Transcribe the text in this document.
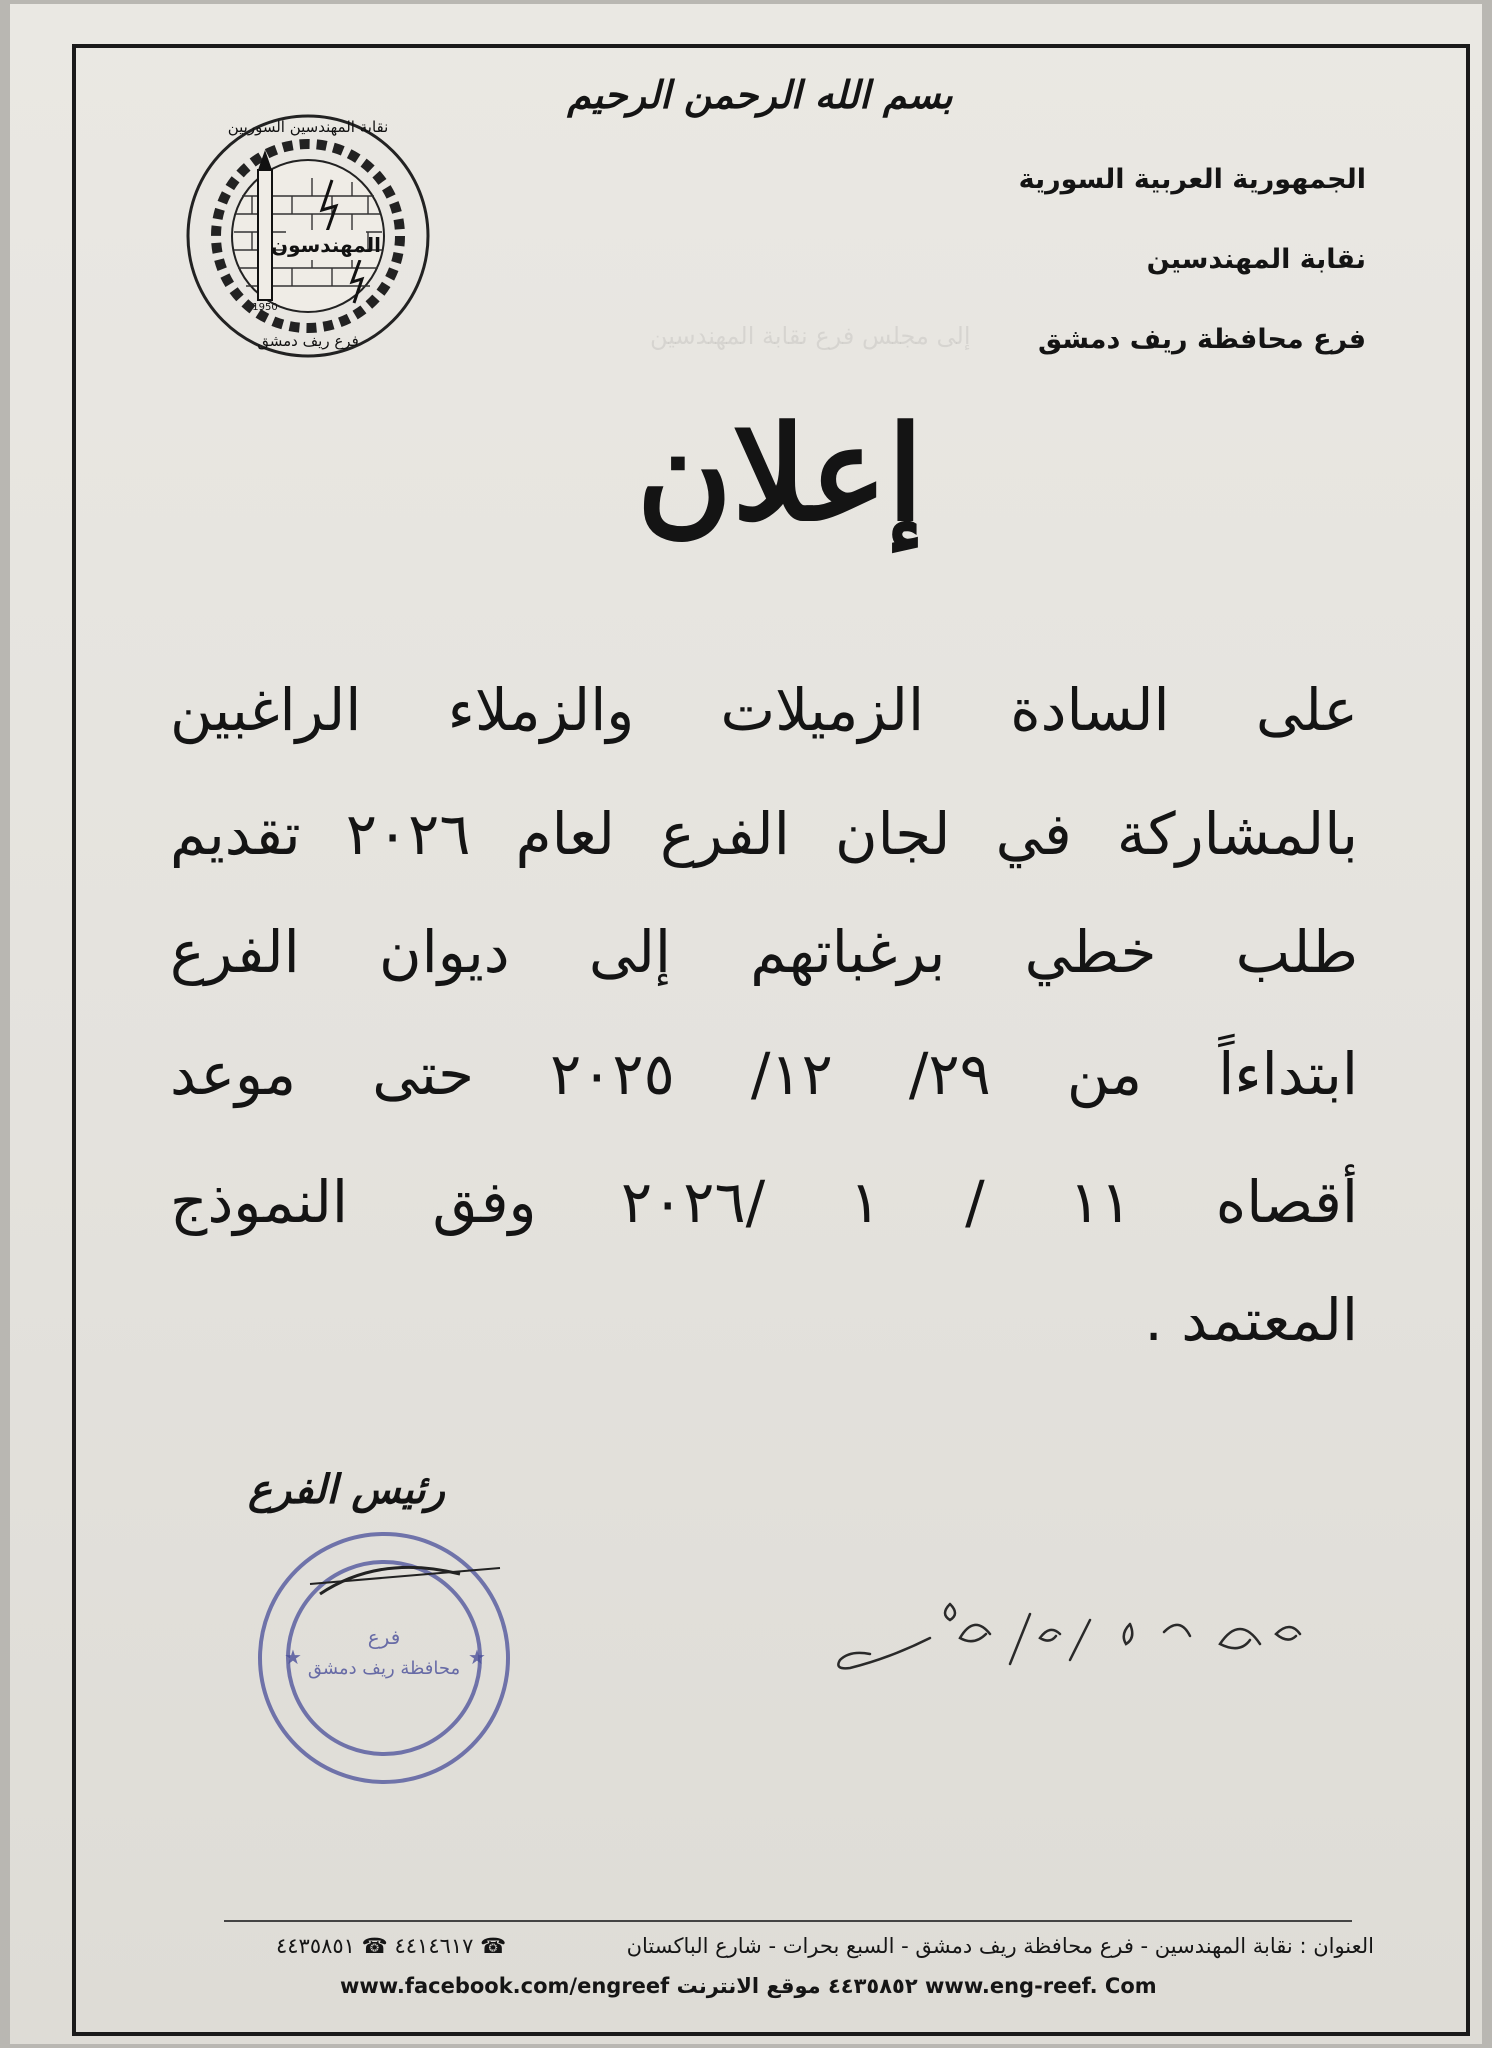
إلى مجلس فرع نقابة المهندسين
بسم الله الرحمن الرحيم
الجمهورية العربية السورية
نقابة المهندسين
فرع محافظة ريف دمشق
المهندسون
نقابة المهندسين السوريين
فرع ريف دمشق
1950
إعلان
على السادة الزميلات والزملاء الراغبين
بالمشاركة في لجان الفرع لعام ٢٠٢٦ تقديم
طلب خطي برغباتهم إلى ديوان الفرع
ابتداءاً من ٢٩/ ١٢/ ٢٠٢٥ حتى موعد
أقصاه ١١ / ١ /٢٠٢٦ وفق النموذج
المعتمد .
رئيس الفرع
فرع
محافظة ريف دمشق
★	★
العنوان : نقابة المهندسين - فرع محافظة ريف دمشق - السبع بحرات - شارع الباكستان
٤٤١٤٦١٧ ☎ ٤٤٣٥٨٥١ ☎
www.facebook.com/engreef ٤٤٣٥٨٥٢ موقع الانترنت www.eng-reef. Com
